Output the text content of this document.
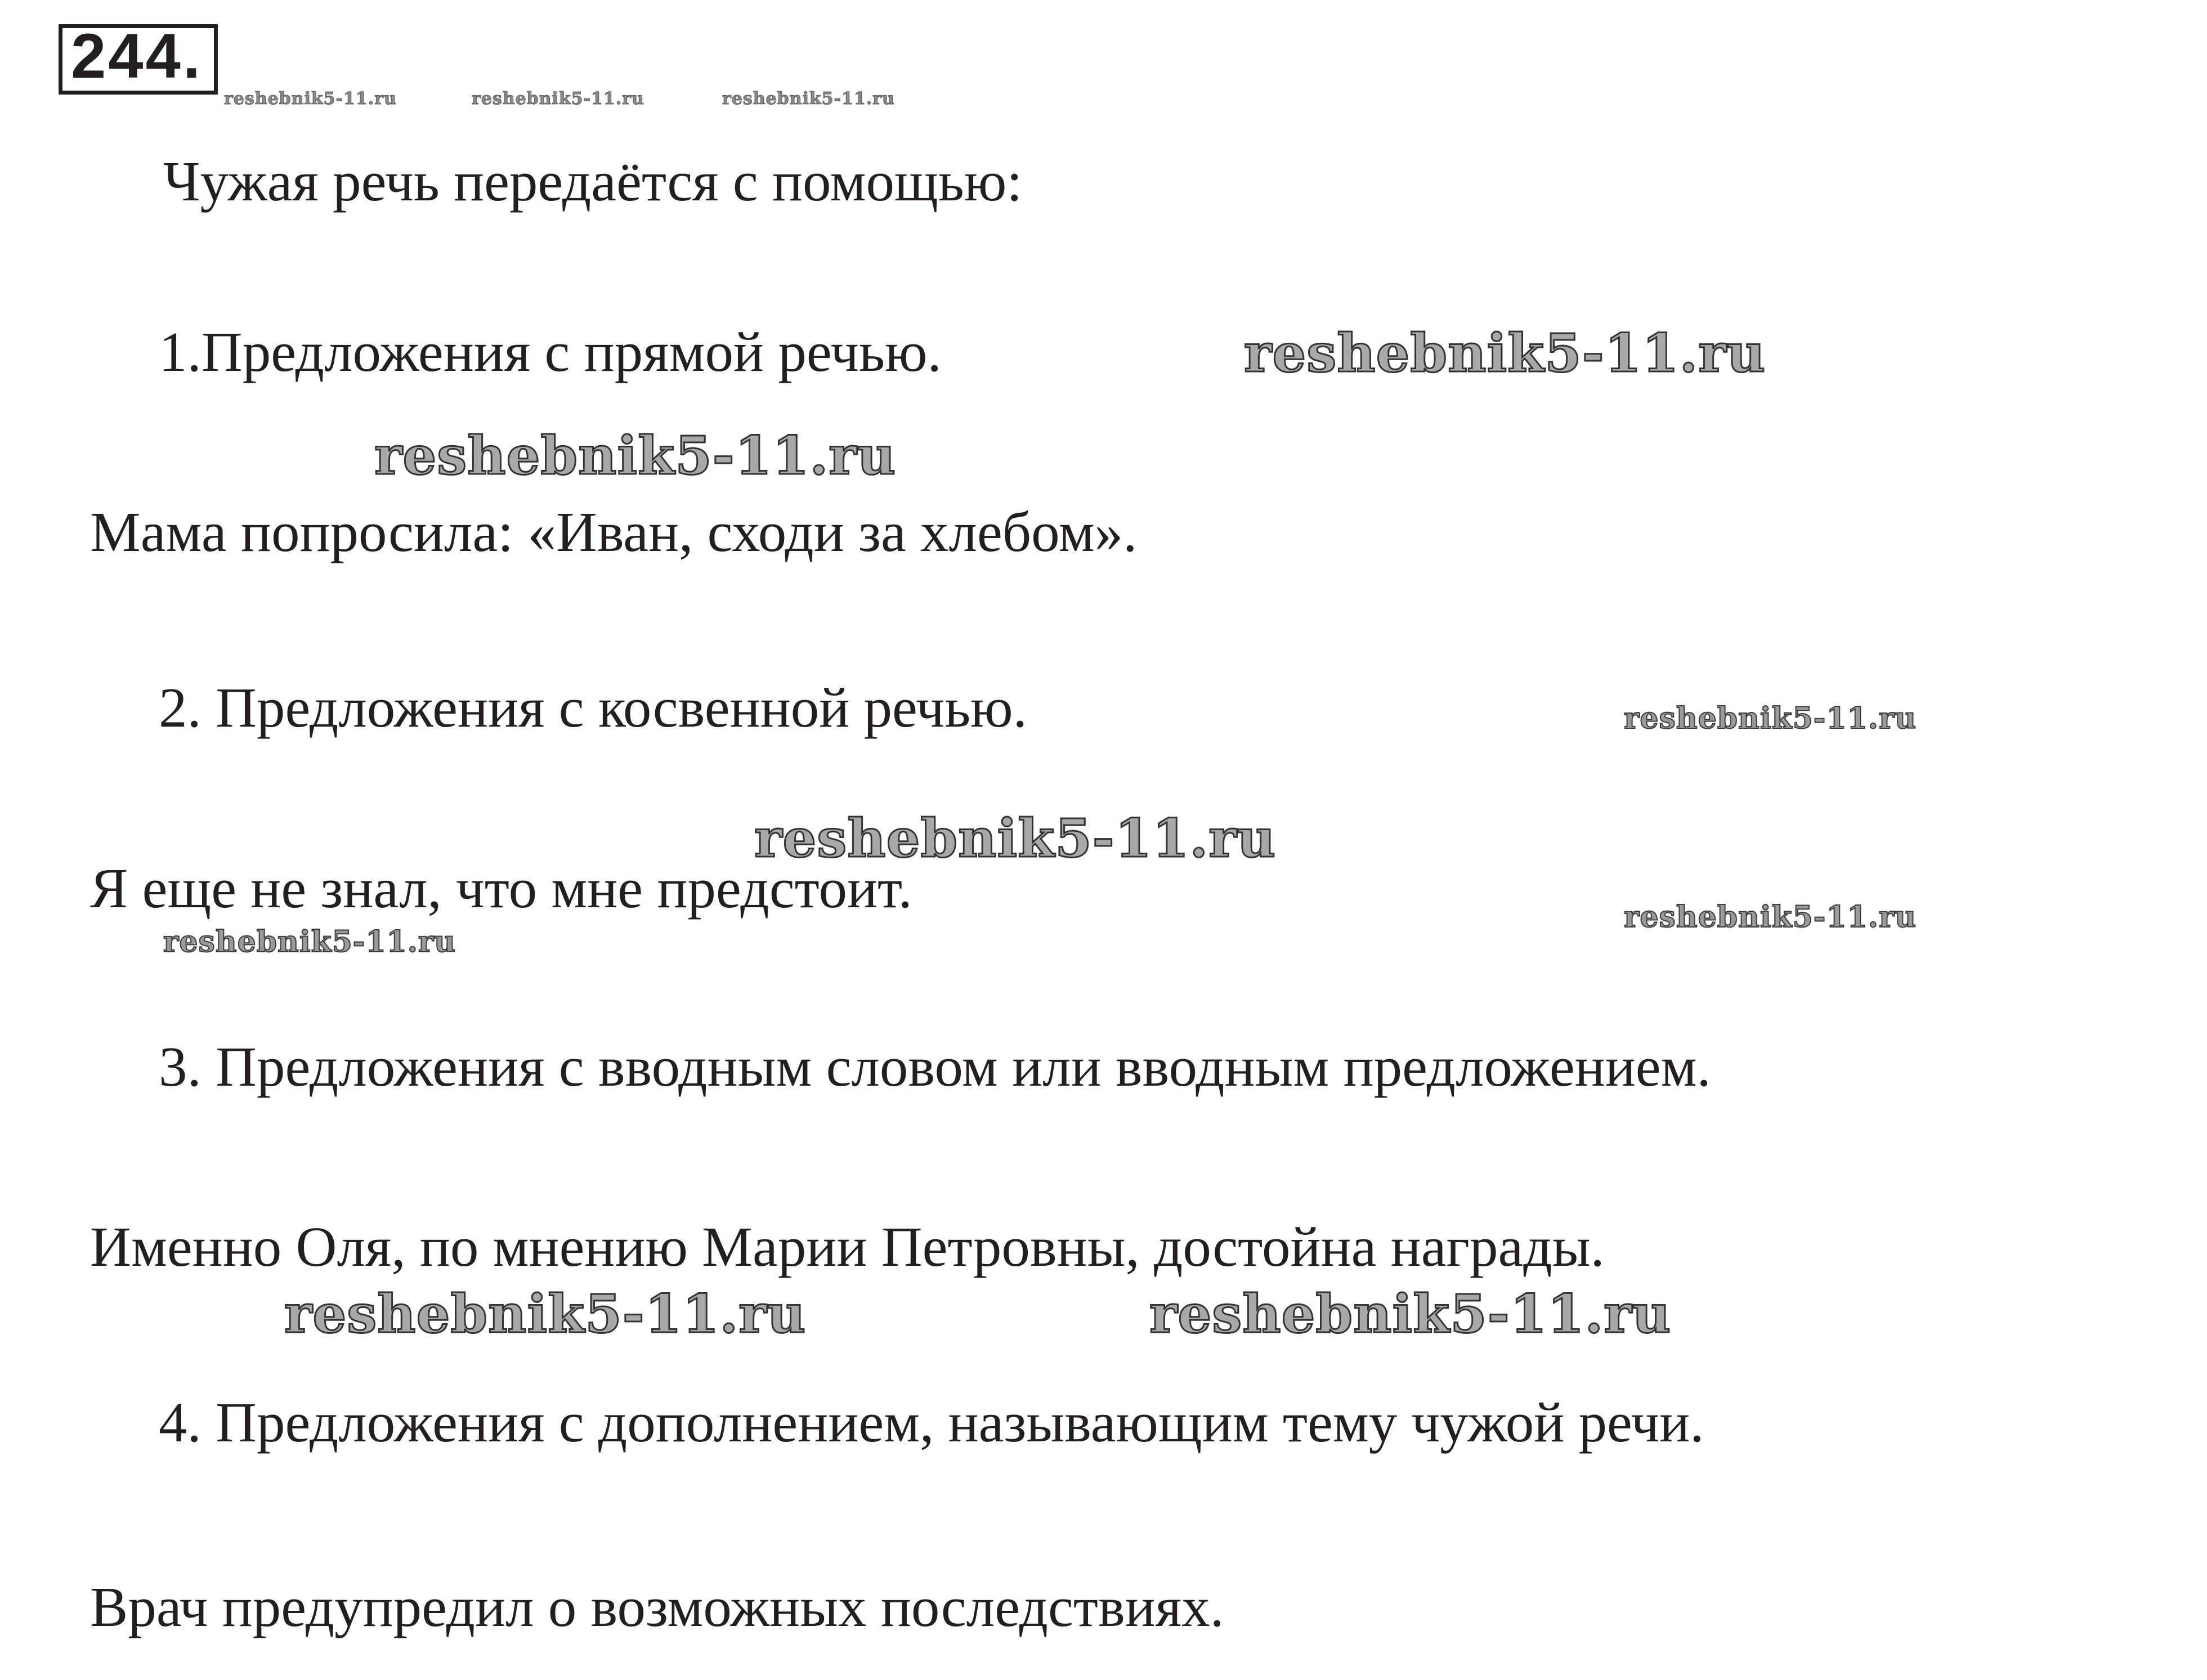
244.
reshebnik5-11.ru	reshebnik5-11.ru	reshebnik5-11.ru
Чужая речь передаётся с помощью:
1.Предложения с прямой речью.	reshebnik5-11.ru
reshebnik5-11.ru
Мама попросила: «Иван, сходи за хлебом».
2. Предложения с косвенной речью.	reshebnik5-11.ru
reshebnik5-11.ru
Я еще не знал, что мне предстоит.	reshebnik5-11.ru
reshebnik5-11.ru
3. Предложения с вводным словом или вводным предложением.
Именно Оля, по мнению Марии Петровны, достойна награды.
reshebnik5-11.ru	reshebnik5-11.ru
4. Предложения с дополнением, называющим тему чужой речи.
Врач предупредил о возможных последствиях.
